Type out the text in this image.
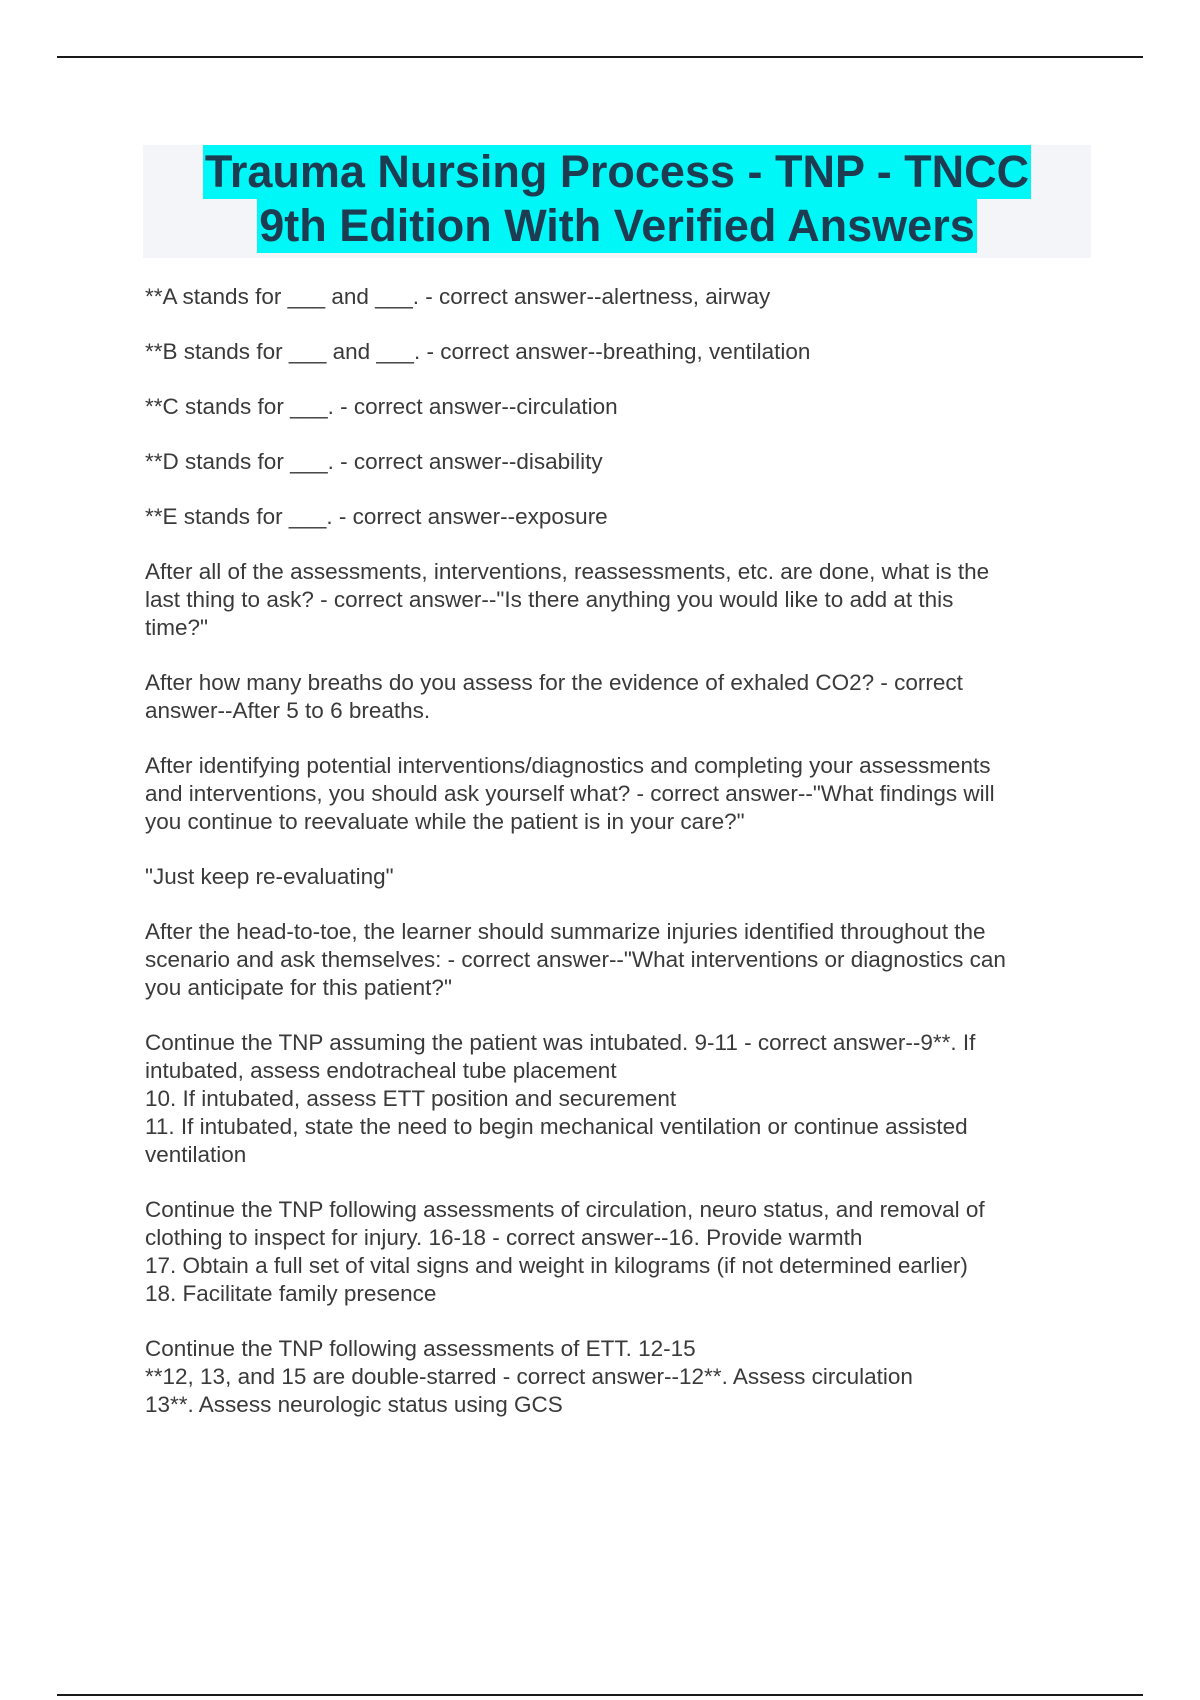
Trauma Nursing Process - TNP - TNCC
9th Edition With Verified Answers
**A stands for ___ and ___. - correct answer--alertness, airway
**B stands for ___ and ___. - correct answer--breathing, ventilation
**C stands for ___. - correct answer--circulation
**D stands for ___. - correct answer--disability
**E stands for ___. - correct answer--exposure
After all of the assessments, interventions, reassessments, etc. are done, what is the
last thing to ask? - correct answer--"Is there anything you would like to add at this
time?"
After how many breaths do you assess for the evidence of exhaled CO2? - correct
answer--After 5 to 6 breaths.
After identifying potential interventions/diagnostics and completing your assessments
and interventions, you should ask yourself what? - correct answer--"What findings will
you continue to reevaluate while the patient is in your care?"
"Just keep re-evaluating"
After the head-to-toe, the learner should summarize injuries identified throughout the
scenario and ask themselves: - correct answer--"What interventions or diagnostics can
you anticipate for this patient?"
Continue the TNP assuming the patient was intubated. 9-11 - correct answer--9**. If
intubated, assess endotracheal tube placement
10. If intubated, assess ETT position and securement
11. If intubated, state the need to begin mechanical ventilation or continue assisted
ventilation
Continue the TNP following assessments of circulation, neuro status, and removal of
clothing to inspect for injury. 16-18 - correct answer--16. Provide warmth
17. Obtain a full set of vital signs and weight in kilograms (if not determined earlier)
18. Facilitate family presence
Continue the TNP following assessments of ETT. 12-15
**12, 13, and 15 are double-starred - correct answer--12**. Assess circulation
13**. Assess neurologic status using GCS
